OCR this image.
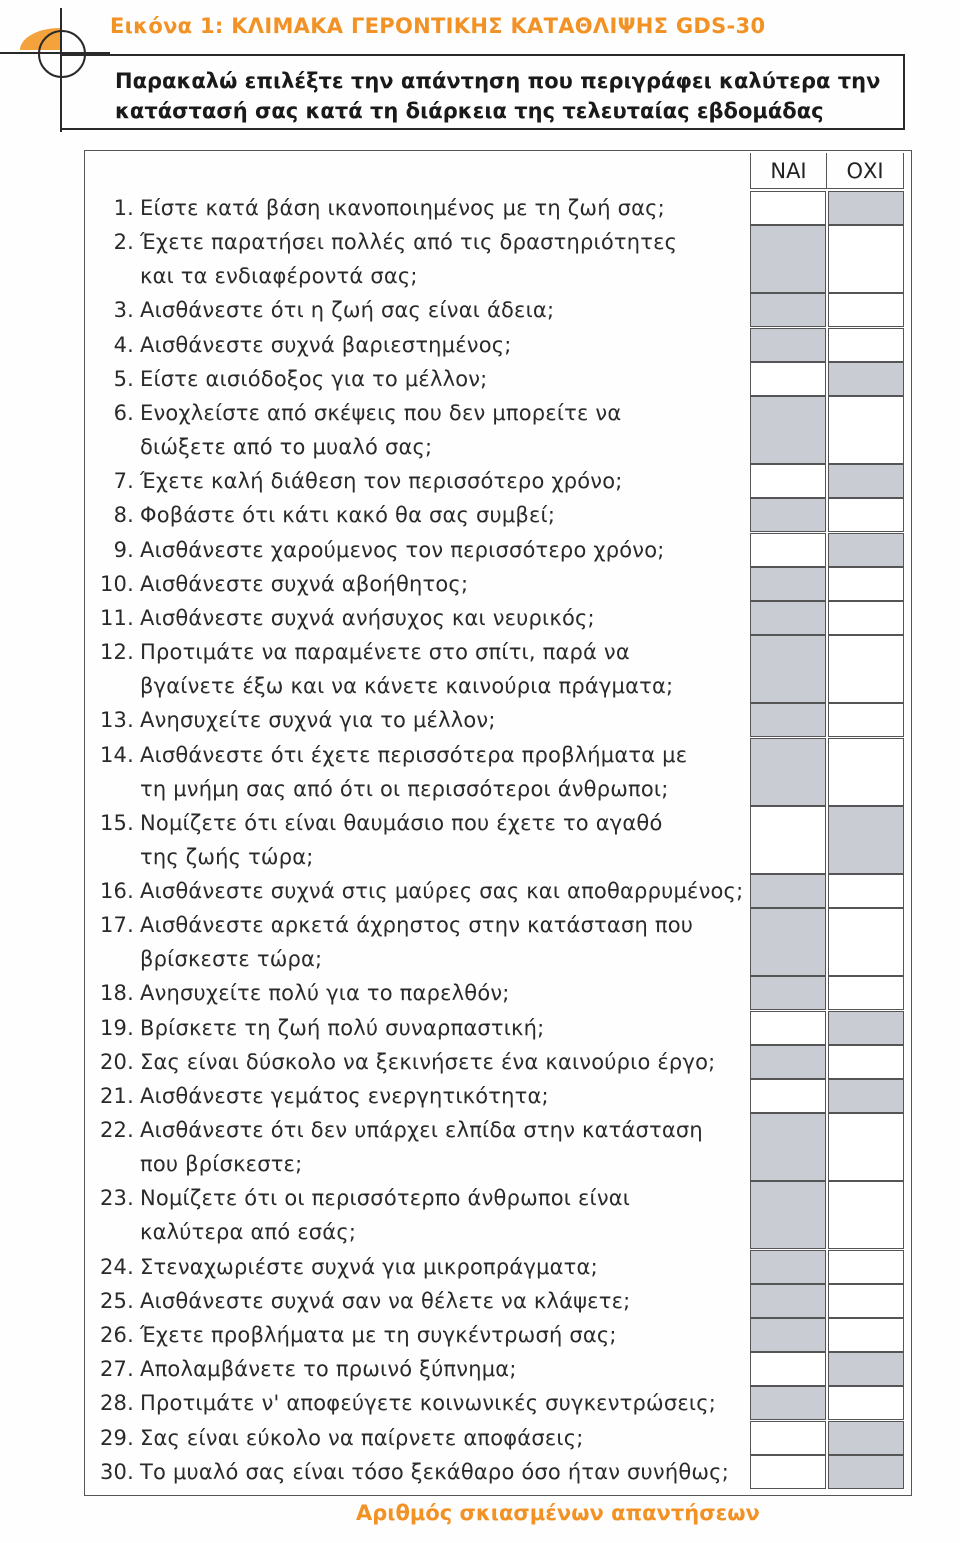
Εικόνα 1: ΚΛΙΜΑΚΑ ΓΕΡΟΝΤΙΚΗΣ ΚΑΤΑΘΛΙΨΗΣ GDS-30
Παρακαλώ επιλέξτε την απάντηση που περιγράφει καλύτερα την
κατάστασή σας κατά τη διάρκεια της τελευταίας εβδομάδας
ΝΑΙ	ΟΧΙ
1. Είστε κατά βάση ικανοποιημένος με τη ζωή σας;
2. Έχετε παρατήσει πολλές από τις δραστηριότητες
και τα ενδιαφέροντά σας;
3. Αισθάνεστε ότι η ζωή σας είναι άδεια;
4. Αισθάνεστε συχνά βαριεστημένος;
5. Είστε αισιόδοξος για το μέλλον;
6. Ενοχλείστε από σκέψεις που δεν μπορείτε να
διώξετε από το μυαλό σας;
7. Έχετε καλή διάθεση τον περισσότερο χρόνο;
8. Φοβάστε ότι κάτι κακό θα σας συμβεί;
9. Αισθάνεστε χαρούμενος τον περισσότερο χρόνο;
10. Αισθάνεστε συχνά αβοήθητος;
11. Αισθάνεστε συχνά ανήσυχος και νευρικός;
12. Προτιμάτε να παραμένετε στο σπίτι, παρά να
βγαίνετε έξω και να κάνετε καινούρια πράγματα;
13. Ανησυχείτε συχνά για το μέλλον;
14. Αισθάνεστε ότι έχετε περισσότερα προβλήματα με
τη μνήμη σας από ότι οι περισσότεροι άνθρωποι;
15. Νομίζετε ότι είναι θαυμάσιο που έχετε το αγαθό
της ζωής τώρα;
16. Αισθάνεστε συχνά στις μαύρες σας και αποθαρρυμένος;
17. Αισθάνεστε αρκετά άχρηστος στην κατάσταση που
βρίσκεστε τώρα;
18. Ανησυχείτε πολύ για το παρελθόν;
19. Βρίσκετε τη ζωή πολύ συναρπαστική;
20. Σας είναι δύσκολο να ξεκινήσετε ένα καινούριο έργο;
21. Αισθάνεστε γεμάτος ενεργητικότητα;
22. Αισθάνεστε ότι δεν υπάρχει ελπίδα στην κατάσταση
που βρίσκεστε;
23. Νομίζετε ότι οι περισσότερπο άνθρωποι είναι
καλύτερα από εσάς;
24. Στεναχωριέστε συχνά για μικροπράγματα;
25. Αισθάνεστε συχνά σαν να θέλετε να κλάψετε;
26. Έχετε προβλήματα με τη συγκέντρωσή σας;
27. Απολαμβάνετε το πρωινό ξύπνημα;
28. Προτιμάτε ν' αποφεύγετε κοινωνικές συγκεντρώσεις;
29. Σας είναι εύκολο να παίρνετε αποφάσεις;
30. Το μυαλό σας είναι τόσο ξεκάθαρο όσο ήταν συνήθως;
Αριθμός σκιασμένων απαντήσεων
